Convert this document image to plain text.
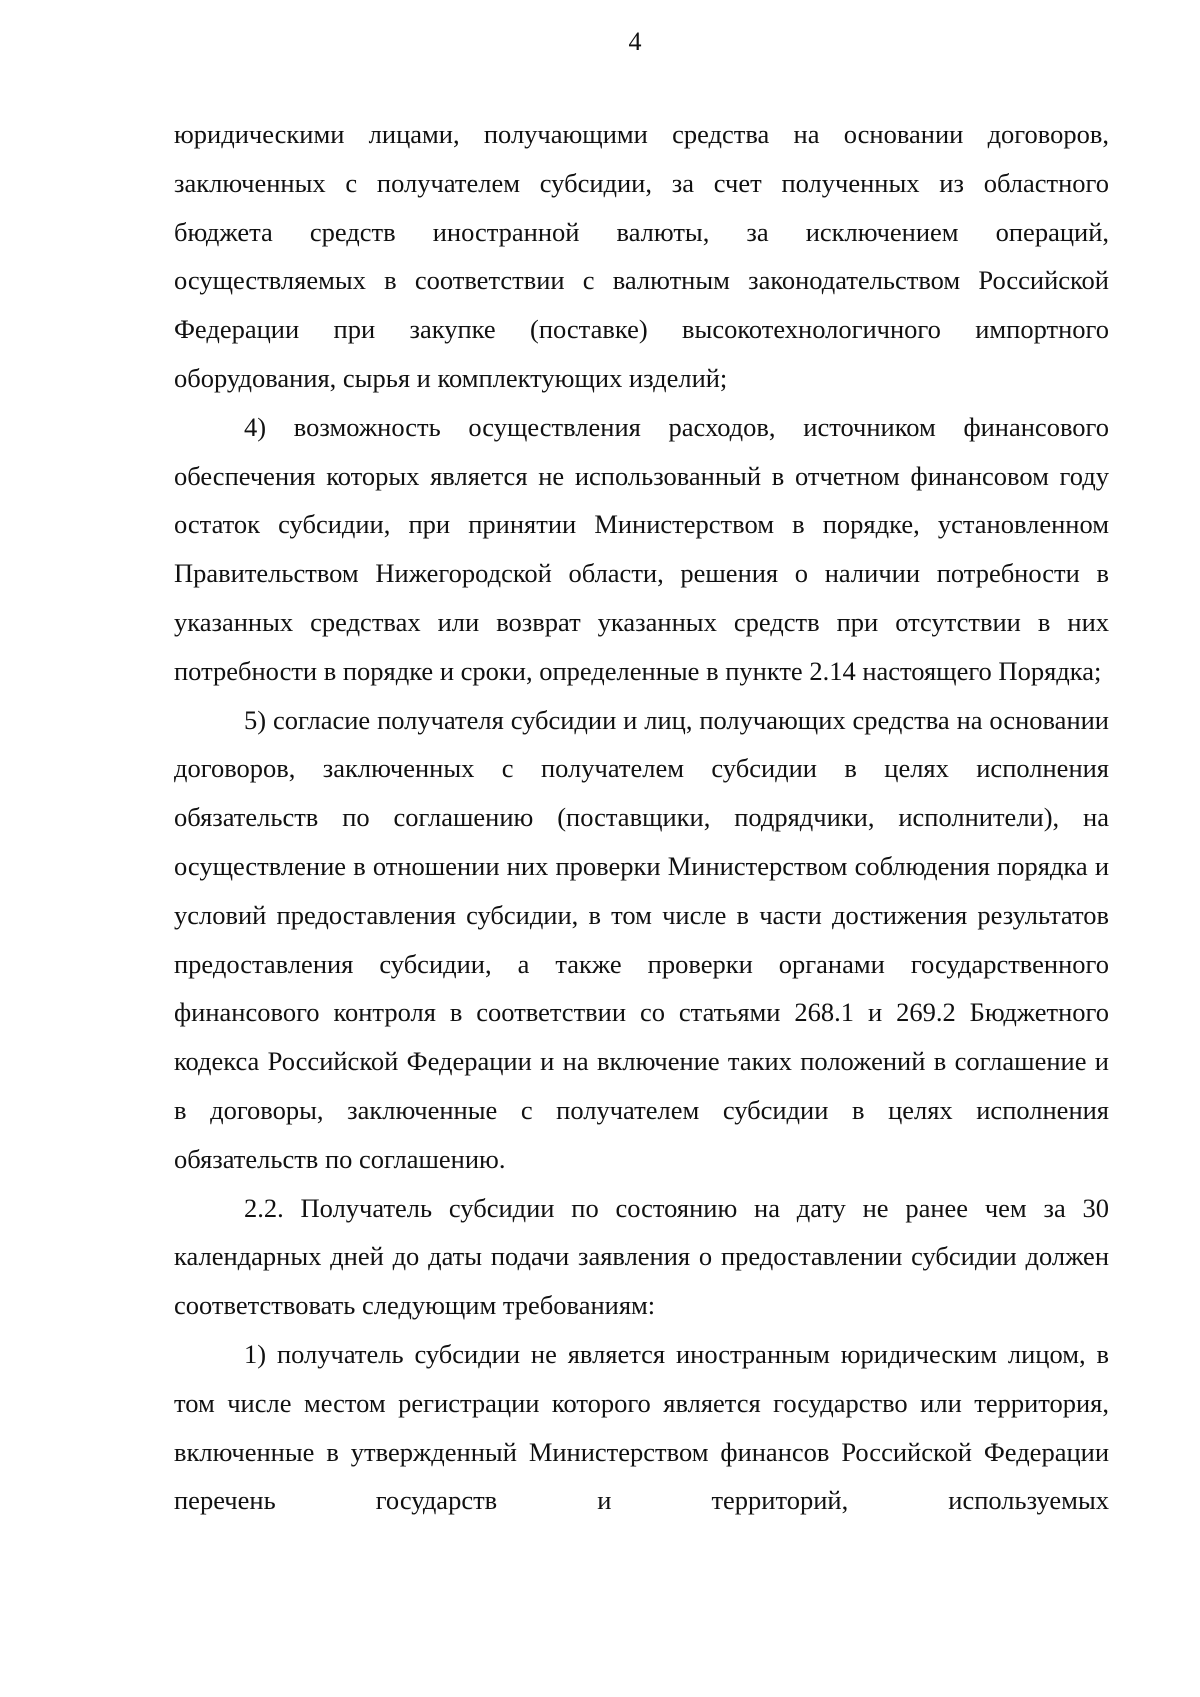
4

юридическими лицами, получающими средства на основании договоров, заключенных с получателем субсидии, за счет полученных из областного бюджета средств иностранной валюты, за исключением операций, осуществляемых в соответствии с валютным законодательством Российской Федерации при закупке (поставке) высокотехнологичного импортного оборудования, сырья и комплектующих изделий;

4) возможность осуществления расходов, источником финансового обеспечения которых является не использованный в отчетном финансовом году остаток субсидии, при принятии Министерством в порядке, установленном Правительством Нижегородской области, решения о наличии потребности в указанных средствах или возврат указанных средств при отсутствии в них потребности в порядке и сроки, определенные в пункте 2.14 настоящего Порядка;

5) согласие получателя субсидии и лиц, получающих средства на основании договоров, заключенных с получателем субсидии в целях исполнения обязательств по соглашению (поставщики, подрядчики, исполнители), на осуществление в отношении них проверки Министерством соблюдения порядка и условий предоставления субсидии, в том числе в части достижения результатов предоставления субсидии, а также проверки органами государственного финансового контроля в соответствии со статьями 268.1 и 269.2 Бюджетного кодекса Российской Федерации и на включение таких положений в соглашение и в договоры, заключенные с получателем субсидии в целях исполнения обязательств по соглашению.

2.2. Получатель субсидии по состоянию на дату не ранее чем за 30 календарных дней до даты подачи заявления о предоставлении субсидии должен соответствовать следующим требованиям:

1) получатель субсидии не является иностранным юридическим лицом, в том числе местом регистрации которого является государство или территория, включенные в утвержденный Министерством финансов Российской Федерации перечень государств и территорий, используемых
